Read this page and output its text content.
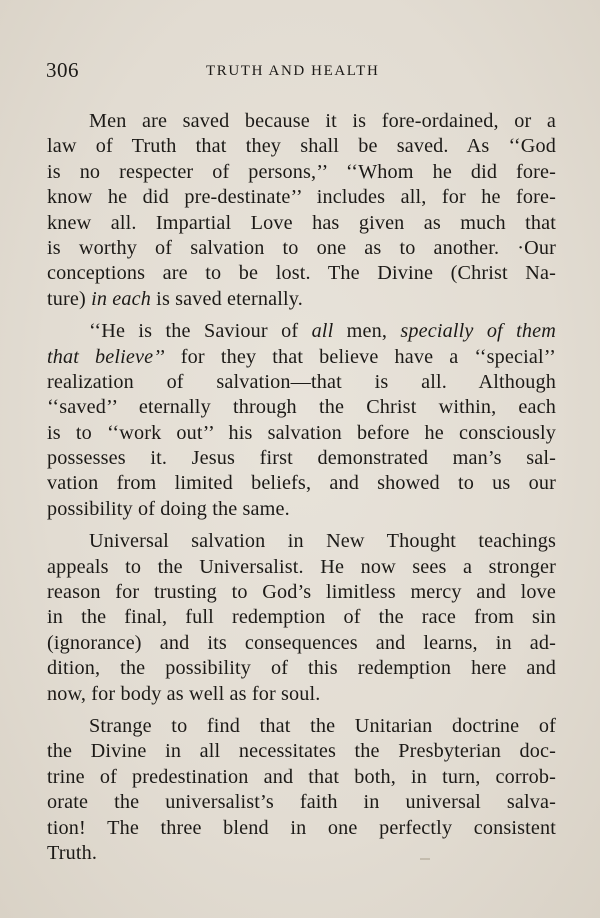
306	TRUTH AND HEALTH
Men are saved because it is fore-ordained, or a
law of Truth that they shall be saved. As ‘‘God
is no respecter of persons,’’ ‘‘Whom he did fore-
know he did pre-destinate’’ includes all, for he fore-
knew all. Impartial Love has given as much that
is worthy of salvation to one as to another. ·Our
conceptions are to be lost. The Divine (Christ Na-
ture) in each is saved eternally.
‘‘He is the Saviour of all men, specially of them
that believe’’ for they that believe have a ‘‘special’’
realization of salvation—that is all. Although
‘‘saved’’ eternally through the Christ within, each
is to ‘‘work out’’ his salvation before he consciously
possesses it. Jesus first demonstrated man’s sal-
vation from limited beliefs, and showed to us our
possibility of doing the same.
Universal salvation in New Thought teachings
appeals to the Universalist. He now sees a stronger
reason for trusting to God’s limitless mercy and love
in the final, full redemption of the race from sin
(ignorance) and its consequences and learns, in ad-
dition, the possibility of this redemption here and
now, for body as well as for soul.
Strange to find that the Unitarian doctrine of
the Divine in all necessitates the Presbyterian doc-
trine of predestination and that both, in turn, corrob-
orate the universalist’s faith in universal salva-
tion! The three blend in one perfectly consistent
Truth.
